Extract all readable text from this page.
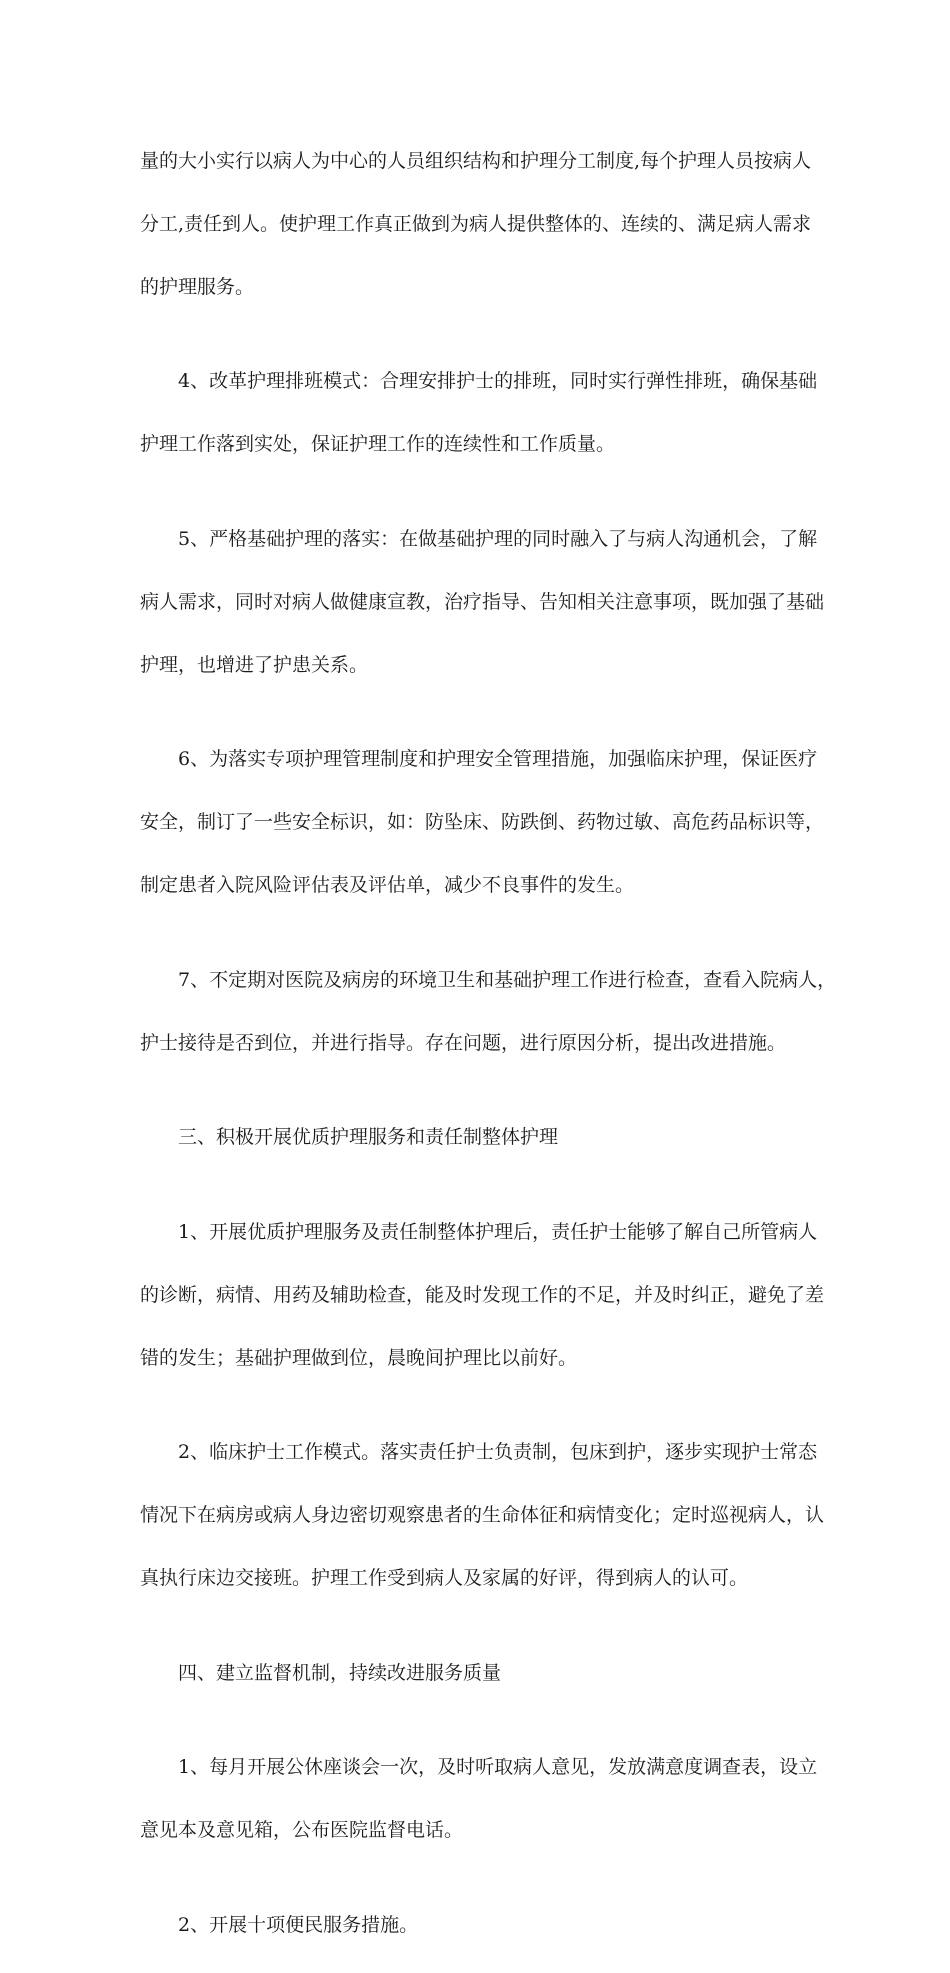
量的大小实行以病人为中心的人员组织结构和护理分工制度,每个护理人员按病人

分工,责任到人。使护理工作真正做到为病人提供整体的、连续的、满足病人需求

的护理服务。

　　4、改革护理排班模式：合理安排护士的排班，同时实行弹性排班，确保基础

护理工作落到实处，保证护理工作的连续性和工作质量。

　　5、严格基础护理的落实：在做基础护理的同时融入了与病人沟通机会，了解

病人需求，同时对病人做健康宣教，治疗指导、告知相关注意事项，既加强了基础

护理，也增进了护患关系。

　　6、为落实专项护理管理制度和护理安全管理措施，加强临床护理，保证医疗

安全，制订了一些安全标识，如：防坠床、防跌倒、药物过敏、高危药品标识等，

制定患者入院风险评估表及评估单，减少不良事件的发生。

　　7、不定期对医院及病房的环境卫生和基础护理工作进行检查，查看入院病人，

护士接待是否到位，并进行指导。存在问题，进行原因分析，提出改进措施。

　　三、积极开展优质护理服务和责任制整体护理

　　1、开展优质护理服务及责任制整体护理后，责任护士能够了解自己所管病人

的诊断，病情、用药及辅助检查，能及时发现工作的不足，并及时纠正，避免了差

错的发生；基础护理做到位，晨晚间护理比以前好。

　　2、临床护士工作模式。落实责任护士负责制，包床到护，逐步实现护士常态

情况下在病房或病人身边密切观察患者的生命体征和病情变化；定时巡视病人，认

真执行床边交接班。护理工作受到病人及家属的好评，得到病人的认可。

　　四、建立监督机制，持续改进服务质量

　　1、每月开展公休座谈会一次，及时听取病人意见，发放满意度调查表，设立

意见本及意见箱，公布医院监督电话。

　　2、开展十项便民服务措施。
